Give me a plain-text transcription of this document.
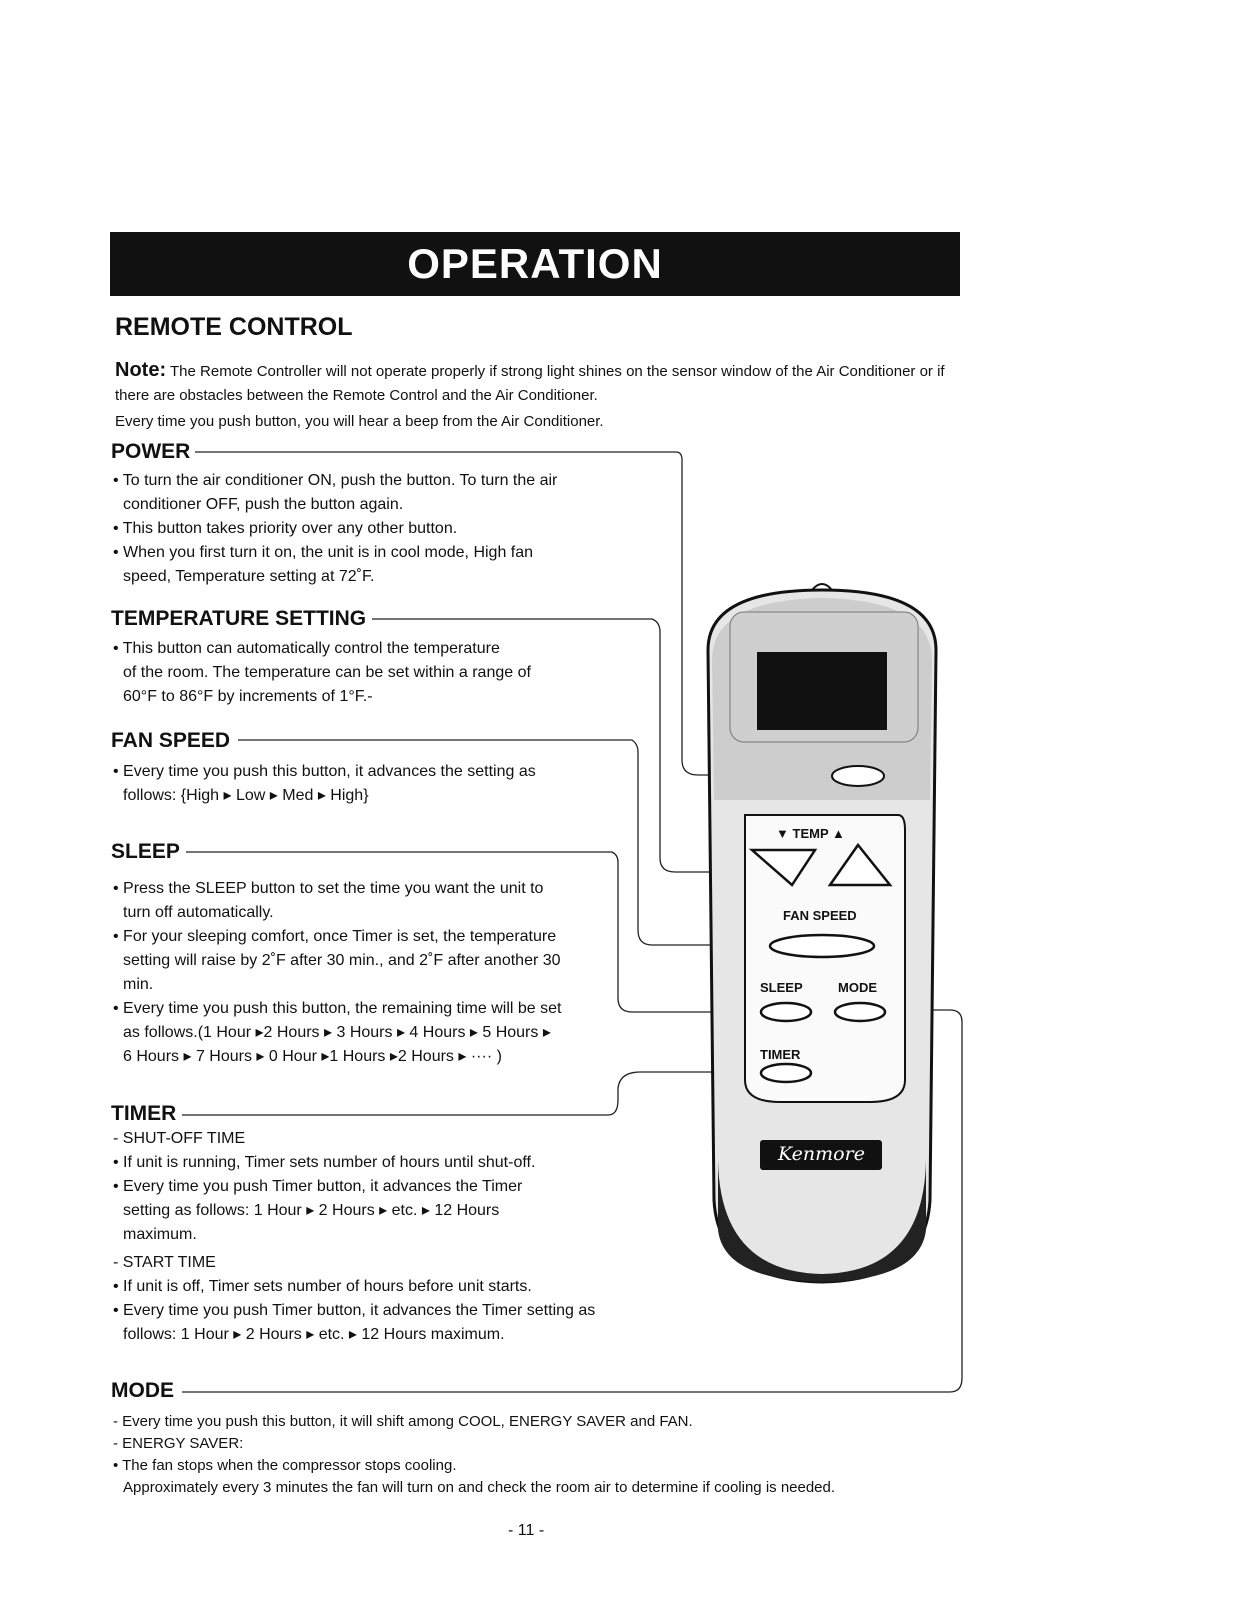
OPERATION
REMOTE CONTROL
Note: The Remote Controller will not operate properly if strong light shines on the sensor window of the Air Conditioner or if there are obstacles between the Remote Control and the Air Conditioner.
Every time you push button, you will hear a beep from the Air Conditioner.
POWER
▼ TEMP ▲
FAN SPEED
SLEEP	MODE
TIMER
Kenmore
POWER
• To turn the air conditioner ON, push the button. To turn the air
conditioner OFF, push the button again.
• This button takes priority over any other button.
• When you first turn it on, the unit is in cool mode, High fan
speed, Temperature setting at 72˚F.
TEMPERATURE SETTING
• This button can automatically control the temperature
of the room. The temperature can be set within a range of
60°F to 86°F by increments of 1°F.-
FAN SPEED
• Every time you push this button, it advances the setting as
follows: {High ▸ Low ▸ Med ▸ High}
SLEEP
• Press the SLEEP button to set the time you want the unit to
turn off automatically.
• For your sleeping comfort, once Timer is set, the temperature
setting will raise by 2˚F after 30 min., and 2˚F after another 30
min.
• Every time you push this button, the remaining time will be set
as follows.(1 Hour ▸2 Hours ▸ 3 Hours ▸ 4 Hours ▸ 5 Hours ▸
6 Hours ▸ 7 Hours ▸ 0 Hour ▸1 Hours ▸2 Hours ▸ ···· )
TIMER
- SHUT-OFF TIME
• If unit is running, Timer sets number of hours until shut-off.
• Every time you push Timer button, it advances the Timer
setting as follows: 1 Hour ▸ 2 Hours ▸ etc. ▸ 12 Hours
maximum.
- START TIME
• If unit is off, Timer sets number of hours before unit starts.
• Every time you push Timer button, it advances the Timer setting as
follows: 1 Hour ▸ 2 Hours ▸ etc. ▸ 12 Hours maximum.
MODE
- Every time you push this button, it will shift among COOL, ENERGY SAVER and FAN.
- ENERGY SAVER:
• The fan stops when the compressor stops cooling.
Approximately every 3 minutes the fan will turn on and check the room air to determine if cooling is needed.
- 11 -
